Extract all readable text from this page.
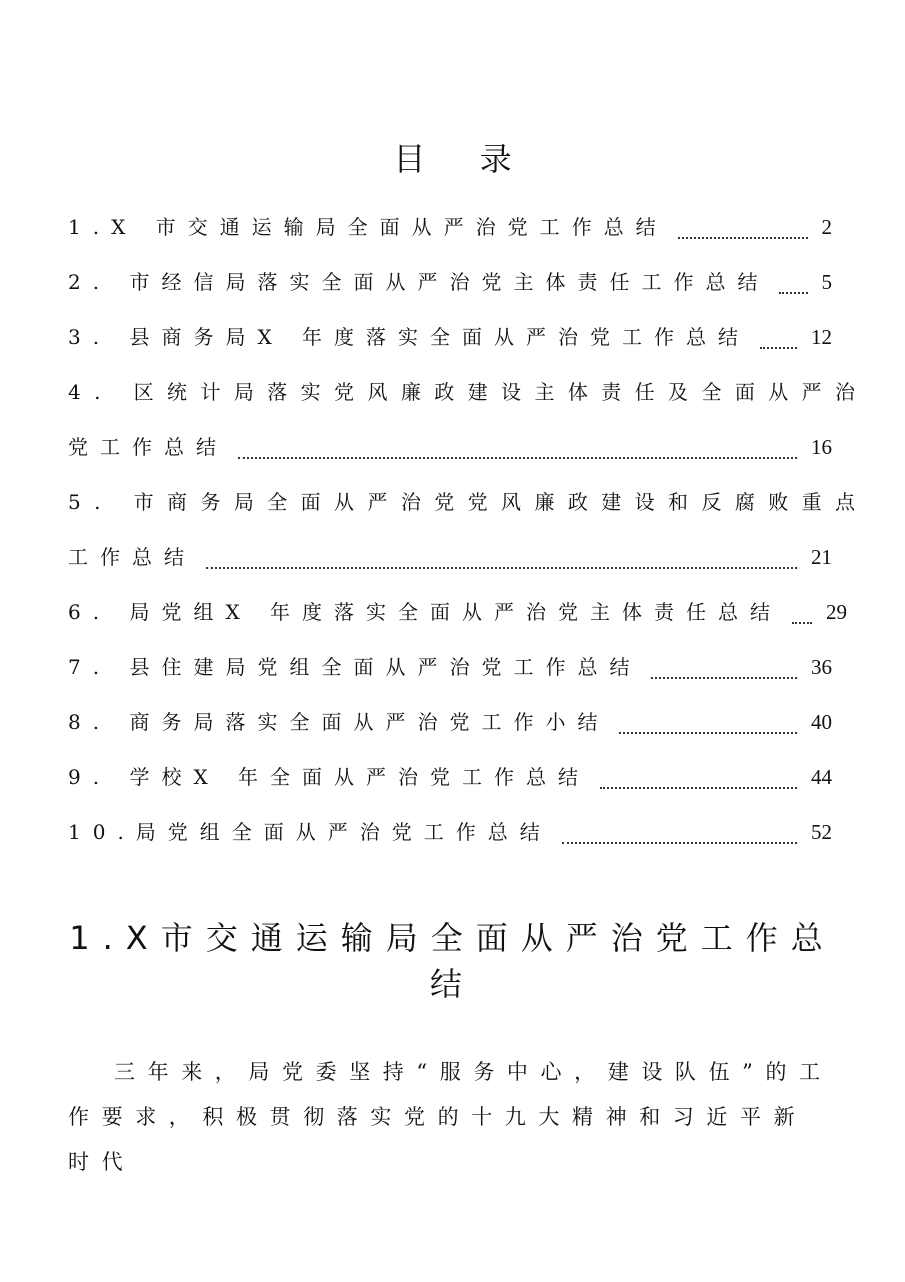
目 录
1.X 市交通运输局全面从严治党工作总结	2
2. 市经信局落实全面从严治党主体责任工作总结 5
3. 县商务局X 年度落实全面从严治党工作总结	12
4. 区统计局落实党风廉政建设主体责任及全面从严治
党工作总结	16
5. 市商务局全面从严治党党风廉政建设和反腐败重点
工作总结	21
6. 局党组X 年度落实全面从严治党主体责任总结 29
7. 县住建局党组全面从严治党工作总结	36
8. 商务局落实全面从严治党工作小结	40
9. 学校X 年全面从严治党工作总结	44
10.局党组全面从严治党工作总结	52
1.X市交通运输局全面从严治党工作总结
三年来，局党委坚持“服务中心，建设队伍”的工作要求，积极贯彻落实党的十九大精神和习近平新时代
